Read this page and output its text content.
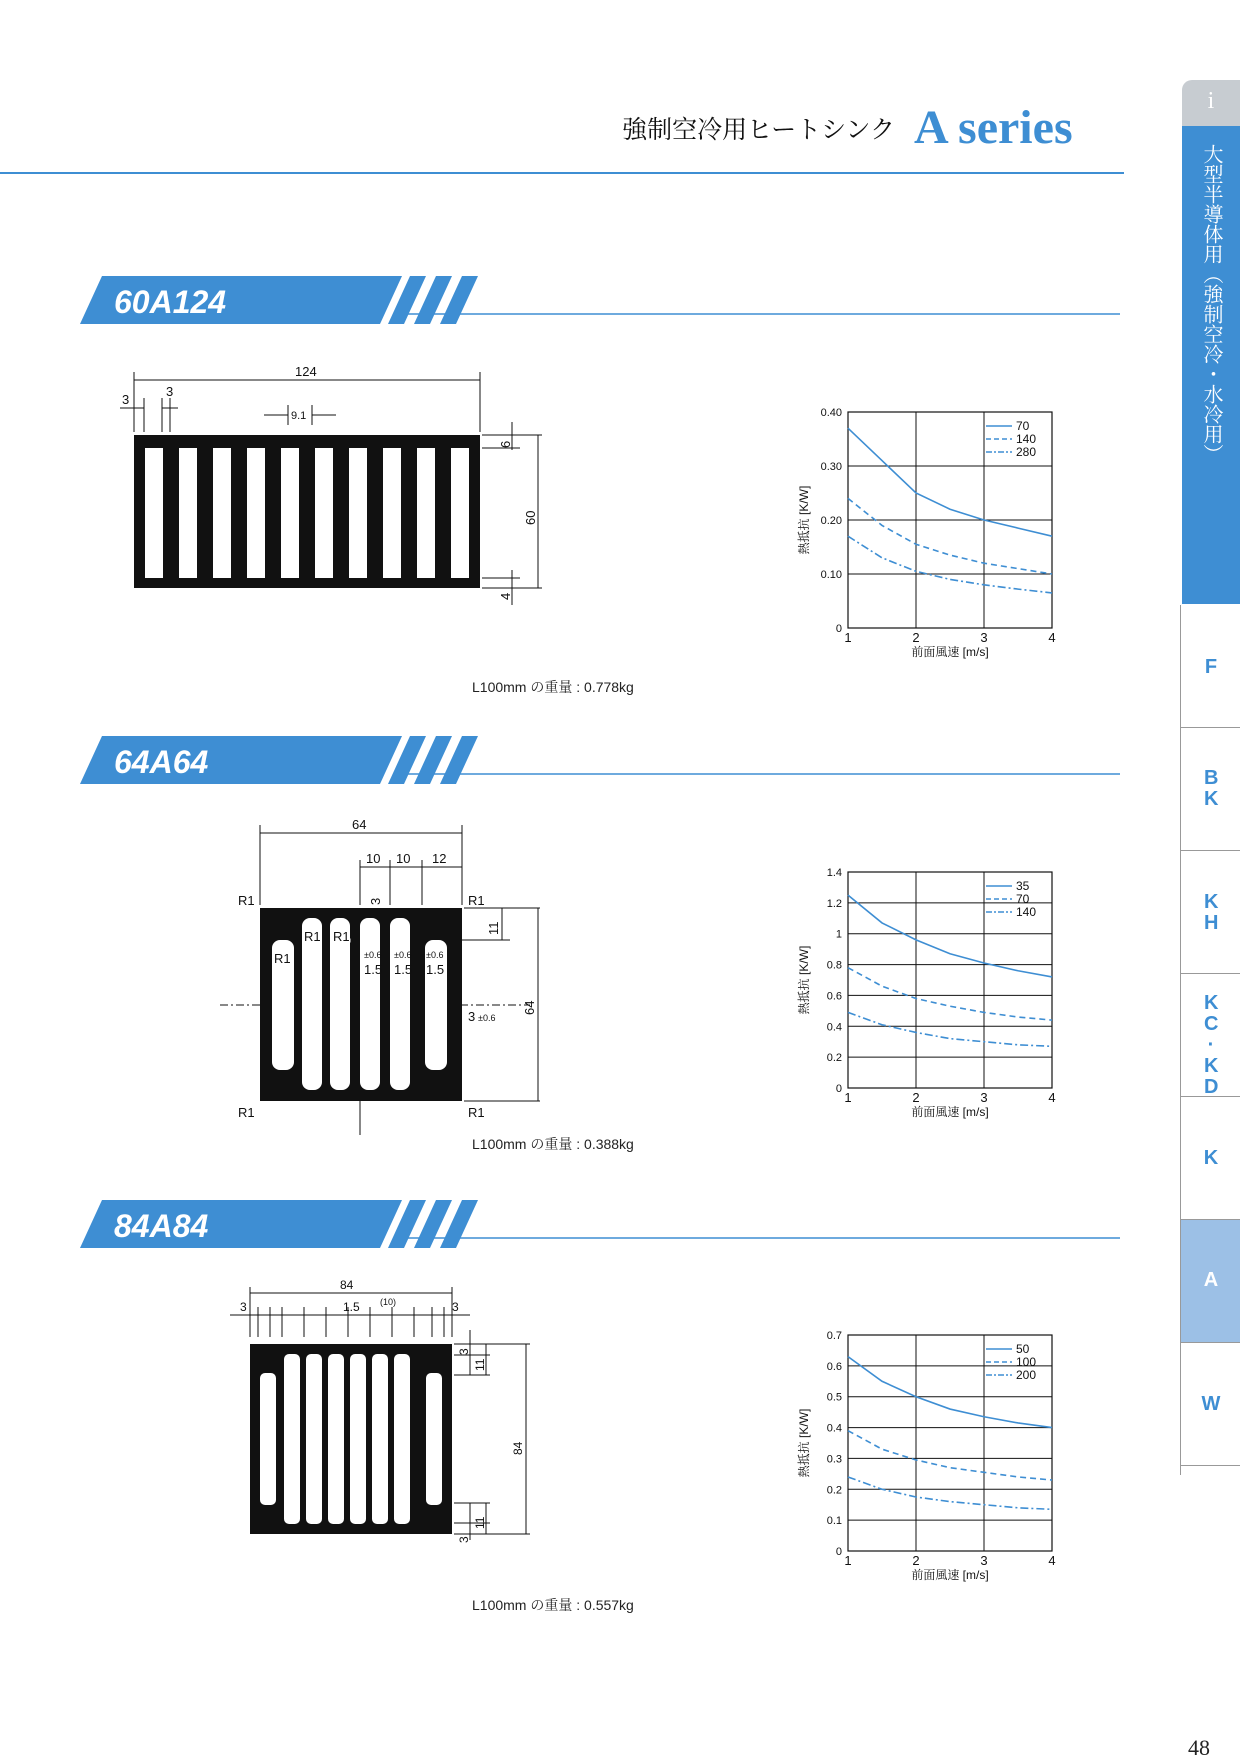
強制空冷用ヒートシンク A series	i
大型半導体用（強制空冷・水冷用）
F
BK
KH
KC·KD
K
A
W
60A124
64A64
84A84
124
3
3
9.1
60
6
4
L100mm の重量 : 0.778kg
64
10 10 12
R1	R1
R1	R1
R1 R1
R1
3
±0.6 ±0.6 ±0.6
1.5 1.5 1.5
64
11
3 ±0.6
L100mm の重量 : 0.388kg
84
3	3
1.5 (10)
84
3
11
3
11
L100mm の重量 : 0.557kg
1	2	3	4
0
0.10
0.20
0.30
0.40
前面風速 [m/s]
熱抵抗 [K/W]
70
140
280
1	2	3	4
0
0.2
0.4
0.6
0.8
1
1.2
1.4
前面風速 [m/s]
熱抵抗 [K/W]
35
70
140
1	2	3	4
0
0.1
0.2
0.3
0.4
0.5
0.6
0.7
前面風速 [m/s]
熱抵抗 [K/W]
50
100
200
48
